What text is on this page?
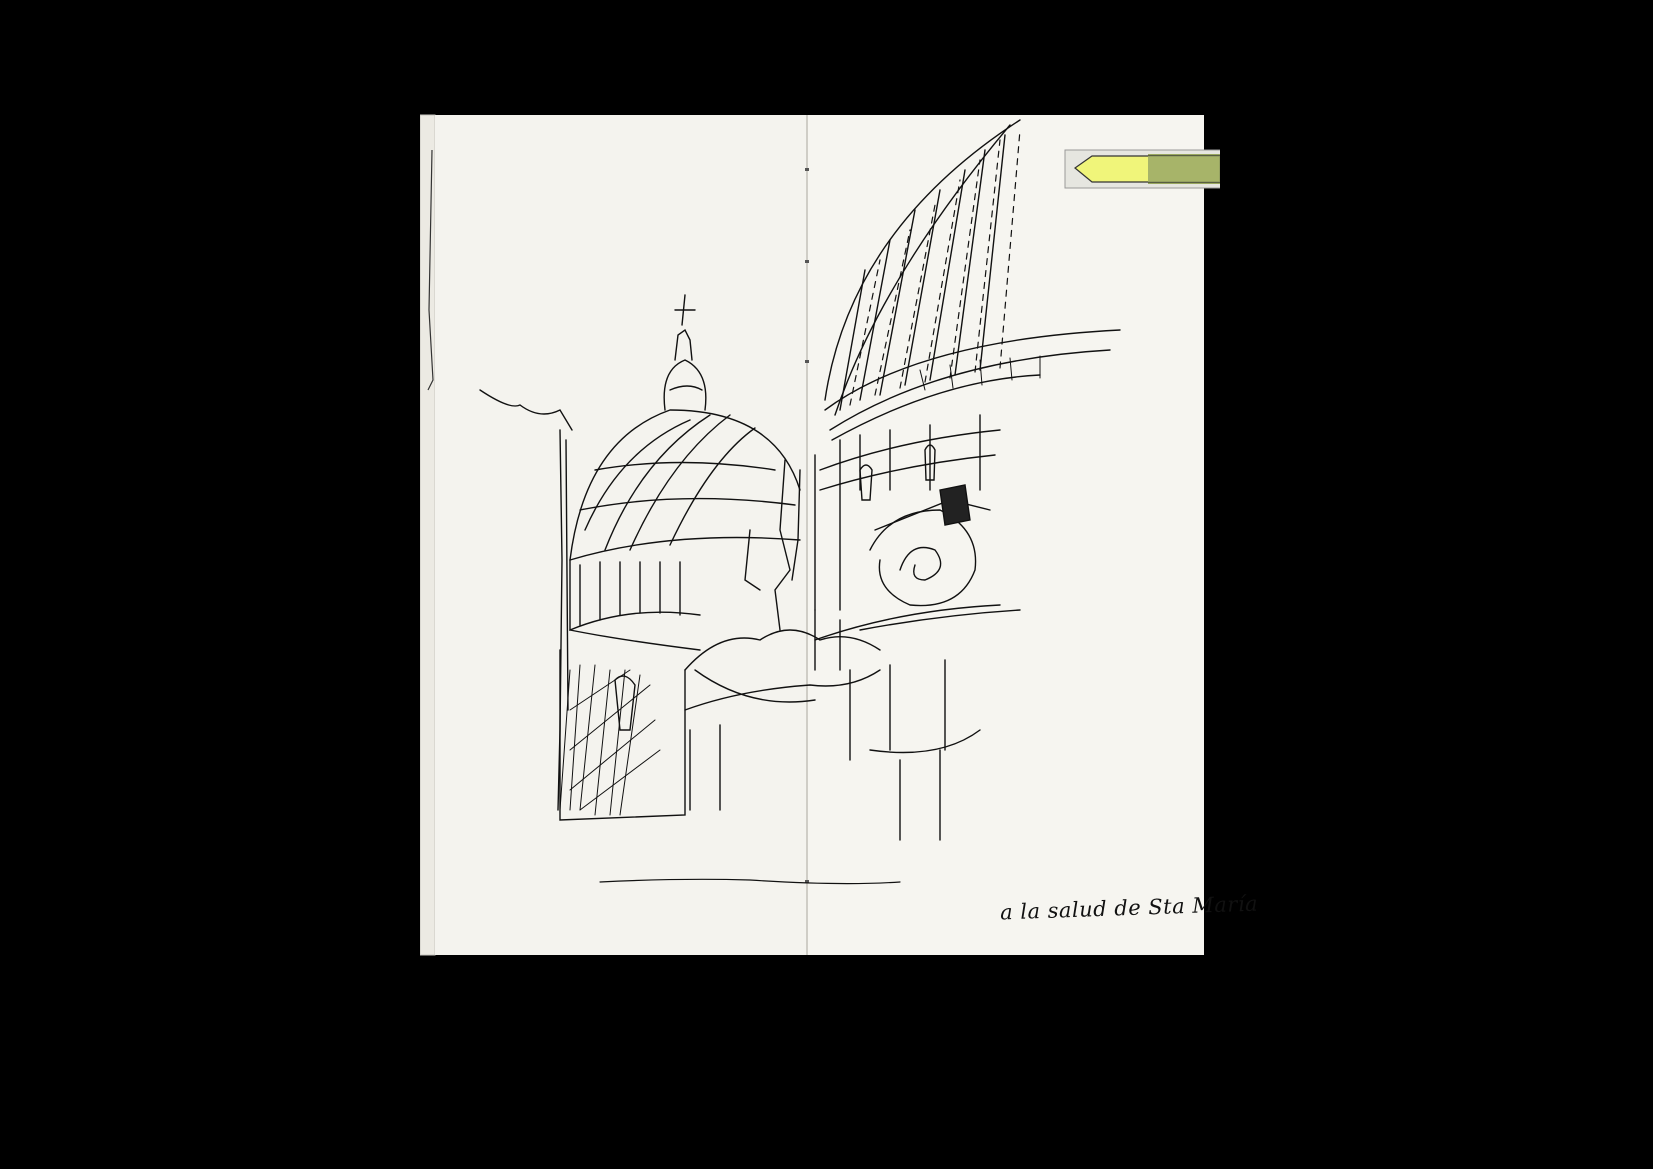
a la salud de Sta María
